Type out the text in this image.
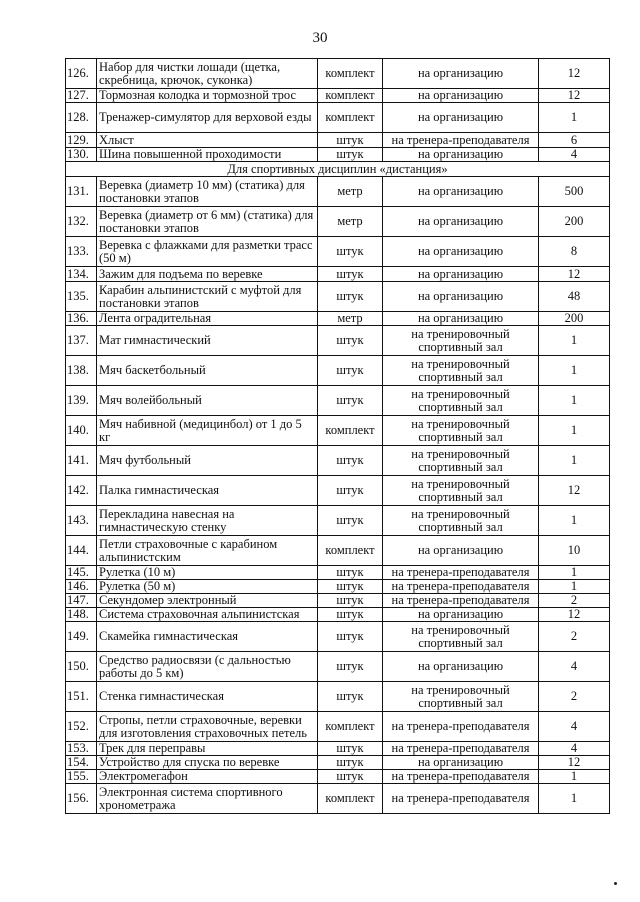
30
126.	Набор для чистки лошади (щетка, скребница, крючок, суконка)	комплект	на организацию	12
127.	Тормозная колодка и тормозной трос	комплект	на организацию	12
128.	Тренажер-симулятор для верховой езды	комплект	на организацию	1
129.	Хлыст	штук	на тренера-преподавателя	6
130.	Шина повышенной проходимости	штук	на организацию	4
Для спортивных дисциплин «дистанция»				
131.	Веревка (диаметр 10 мм) (статика) для постановки этапов	метр	на организацию	500
132.	Веревка (диаметр от 6 мм) (статика) для постановки этапов	метр	на организацию	200
133.	Веревка с флажками для разметки трасс (50 м)	штук	на организацию	8
134.	Зажим для подъема по веревке	штук	на организацию	12
135.	Карабин альпинистский с муфтой для постановки этапов	штук	на организацию	48
136.	Лента оградительная	метр	на организацию	200
137.	Мат гимнастический	штук	на тренировочный спортивный зал	1
138.	Мяч баскетбольный	штук	на тренировочный спортивный зал	1
139.	Мяч волейбольный	штук	на тренировочный спортивный зал	1
140.	Мяч набивной (медицинбол) от 1 до 5 кг	комплект	на тренировочный спортивный зал	1
141.	Мяч футбольный	штук	на тренировочный спортивный зал	1
142.	Палка гимнастическая	штук	на тренировочный спортивный зал	12
143.	Перекладина навесная на гимнастическую стенку	штук	на тренировочный спортивный зал	1
144.	Петли страховочные с карабином альпинистским	комплект	на организацию	10
145.	Рулетка (10 м)	штук	на тренера-преподавателя	1
146.	Рулетка (50 м)	штук	на тренера-преподавателя	1
147.	Секундомер электронный	штук	на тренера-преподавателя	2
148.	Система страховочная альпинистская	штук	на организацию	12
149.	Скамейка гимнастическая	штук	на тренировочный спортивный зал	2
150.	Средство радиосвязи (с дальностью работы до 5 км)	штук	на организацию	4
151.	Стенка гимнастическая	штук	на тренировочный спортивный зал	2
152.	Стропы, петли страховочные, веревки для изготовления страховочных петель	комплект	на тренера-преподавателя	4
153.	Трек для переправы	штук	на тренера-преподавателя	4
154.	Устройство для спуска по веревке	штук	на организацию	12
155.	Электромегафон	штук	на тренера-преподавателя	1
156.	Электронная система спортивного хронометража	комплект	на тренера-преподавателя	1
